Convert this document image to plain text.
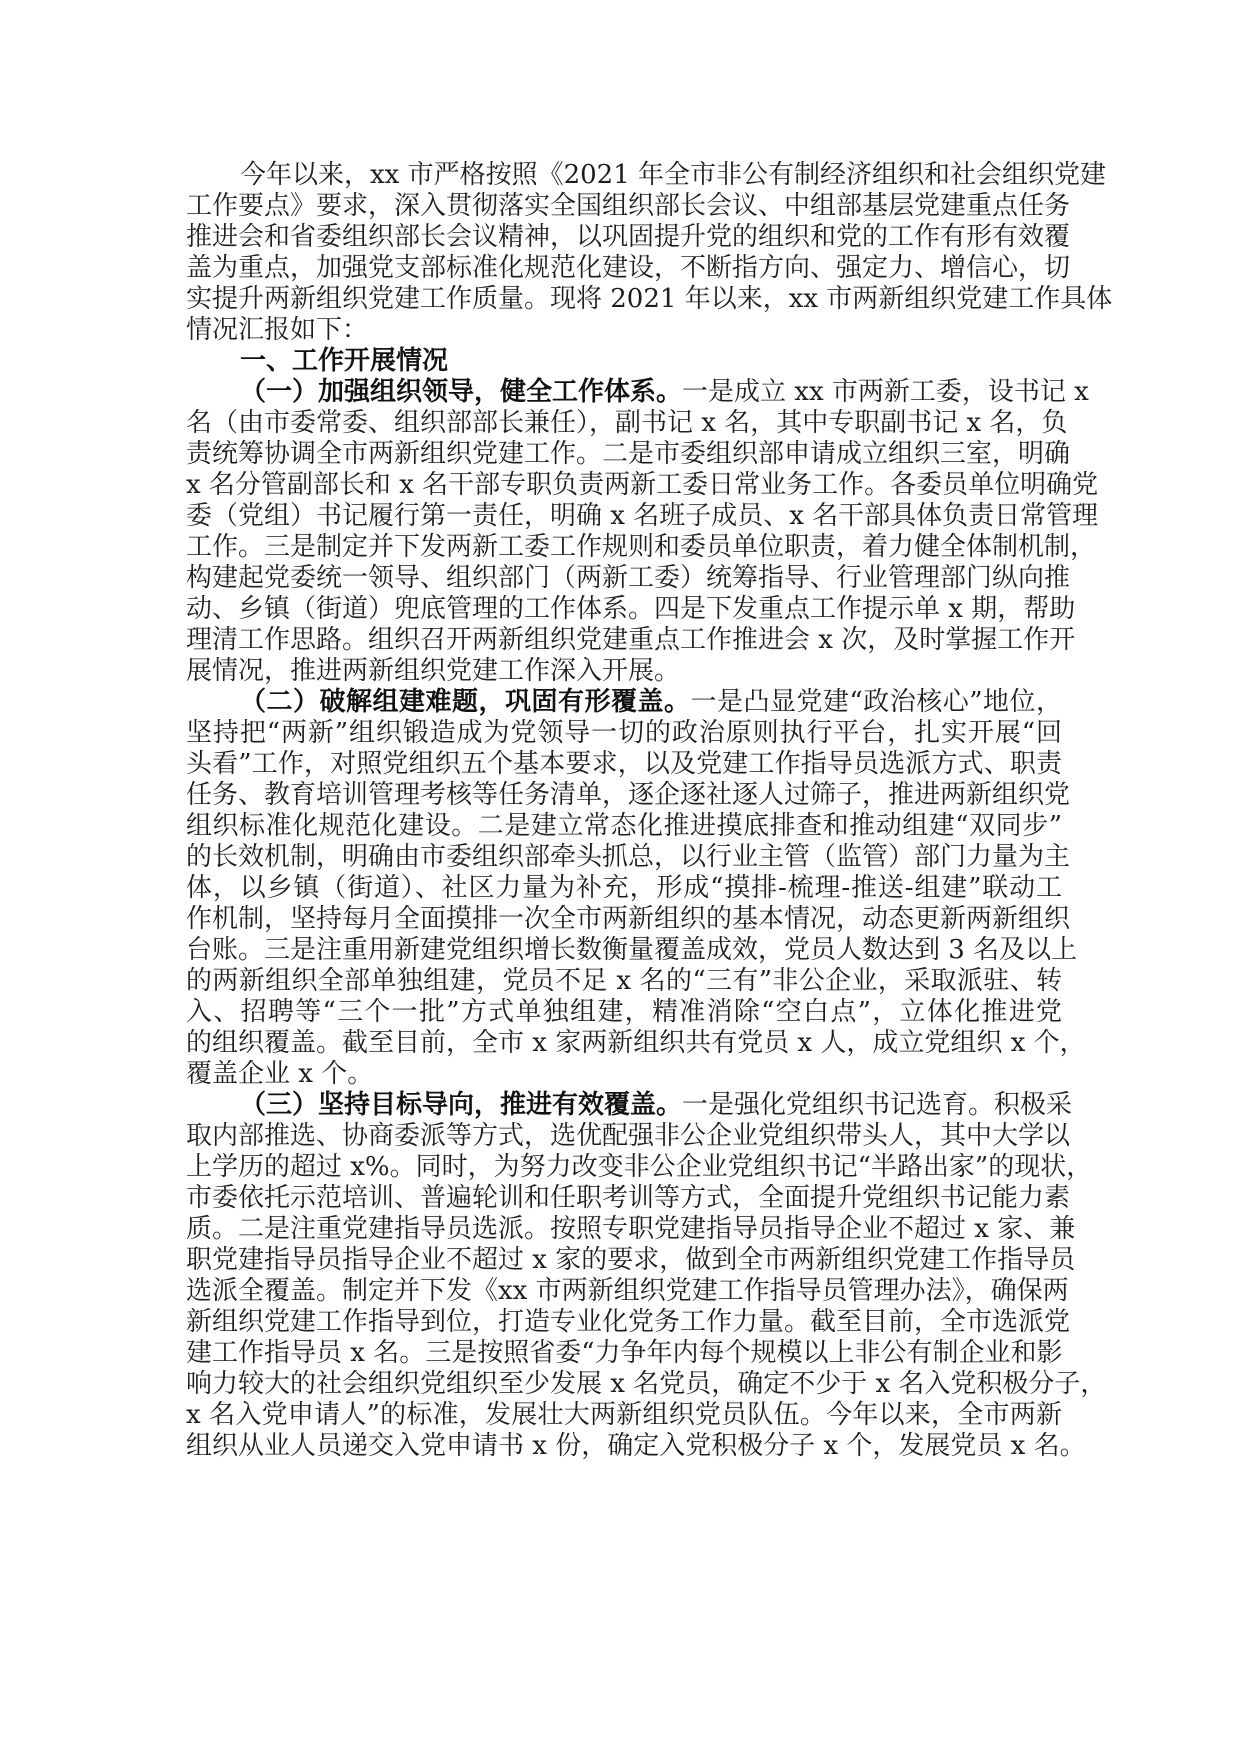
今年以来，xx 市严格按照《2021 年全市非公有制经济组织和社会组织党建
工作要点》要求，深入贯彻落实全国组织部长会议、中组部基层党建重点任务
推进会和省委组织部长会议精神，以巩固提升党的组织和党的工作有形有效覆
盖为重点，加强党支部标准化规范化建设，不断指方向、强定力、增信心，切
实提升两新组织党建工作质量。现将 2021 年以来，xx 市两新组织党建工作具体
情况汇报如下：
一、工作开展情况
（一）加强组织领导，健全工作体系。一是成立 xx 市两新工委，设书记 x
名（由市委常委、组织部部长兼任），副书记 x 名，其中专职副书记 x 名，负
责统筹协调全市两新组织党建工作。二是市委组织部申请成立组织三室，明确
x 名分管副部长和 x 名干部专职负责两新工委日常业务工作。各委员单位明确党
委（党组）书记履行第一责任，明确 x 名班子成员、x 名干部具体负责日常管理
工作。三是制定并下发两新工委工作规则和委员单位职责，着力健全体制机制，
构建起党委统一领导、组织部门（两新工委）统筹指导、行业管理部门纵向推
动、乡镇（街道）兜底管理的工作体系。四是下发重点工作提示单 x 期，帮助
理清工作思路。组织召开两新组织党建重点工作推进会 x 次，及时掌握工作开
展情况，推进两新组织党建工作深入开展。
（二）破解组建难题，巩固有形覆盖。一是凸显党建“政治核心”地位，
坚持把“两新”组织锻造成为党领导一切的政治原则执行平台，扎实开展“回
头看”工作，对照党组织五个基本要求，以及党建工作指导员选派方式、职责
任务、教育培训管理考核等任务清单，逐企逐社逐人过筛子，推进两新组织党
组织标准化规范化建设。二是建立常态化推进摸底排查和推动组建“双同步”
的长效机制，明确由市委组织部牵头抓总，以行业主管（监管）部门力量为主
体，以乡镇（街道）、社区力量为补充，形成“摸排-梳理-推送-组建”联动工
作机制，坚持每月全面摸排一次全市两新组织的基本情况，动态更新两新组织
台账。三是注重用新建党组织增长数衡量覆盖成效，党员人数达到 3 名及以上
的两新组织全部单独组建，党员不足 x 名的“三有”非公企业，采取派驻、转
入、招聘等“三个一批”方式单独组建，精准消除“空白点”，立体化推进党
的组织覆盖。截至目前，全市 x 家两新组织共有党员 x 人，成立党组织 x 个，
覆盖企业 x 个。
（三）坚持目标导向，推进有效覆盖。一是强化党组织书记选育。积极采
取内部推选、协商委派等方式，选优配强非公企业党组织带头人，其中大学以
上学历的超过 x%。同时，为努力改变非公企业党组织书记“半路出家”的现状，
市委依托示范培训、普遍轮训和任职考训等方式，全面提升党组织书记能力素
质。二是注重党建指导员选派。按照专职党建指导员指导企业不超过 x 家、兼
职党建指导员指导企业不超过 x 家的要求，做到全市两新组织党建工作指导员
选派全覆盖。制定并下发《xx 市两新组织党建工作指导员管理办法》，确保两
新组织党建工作指导到位，打造专业化党务工作力量。截至目前，全市选派党
建工作指导员 x 名。三是按照省委“力争年内每个规模以上非公有制企业和影
响力较大的社会组织党组织至少发展 x 名党员，确定不少于 x 名入党积极分子，
x 名入党申请人”的标准，发展壮大两新组织党员队伍。今年以来，全市两新
组织从业人员递交入党申请书 x 份，确定入党积极分子 x 个，发展党员 x 名。
